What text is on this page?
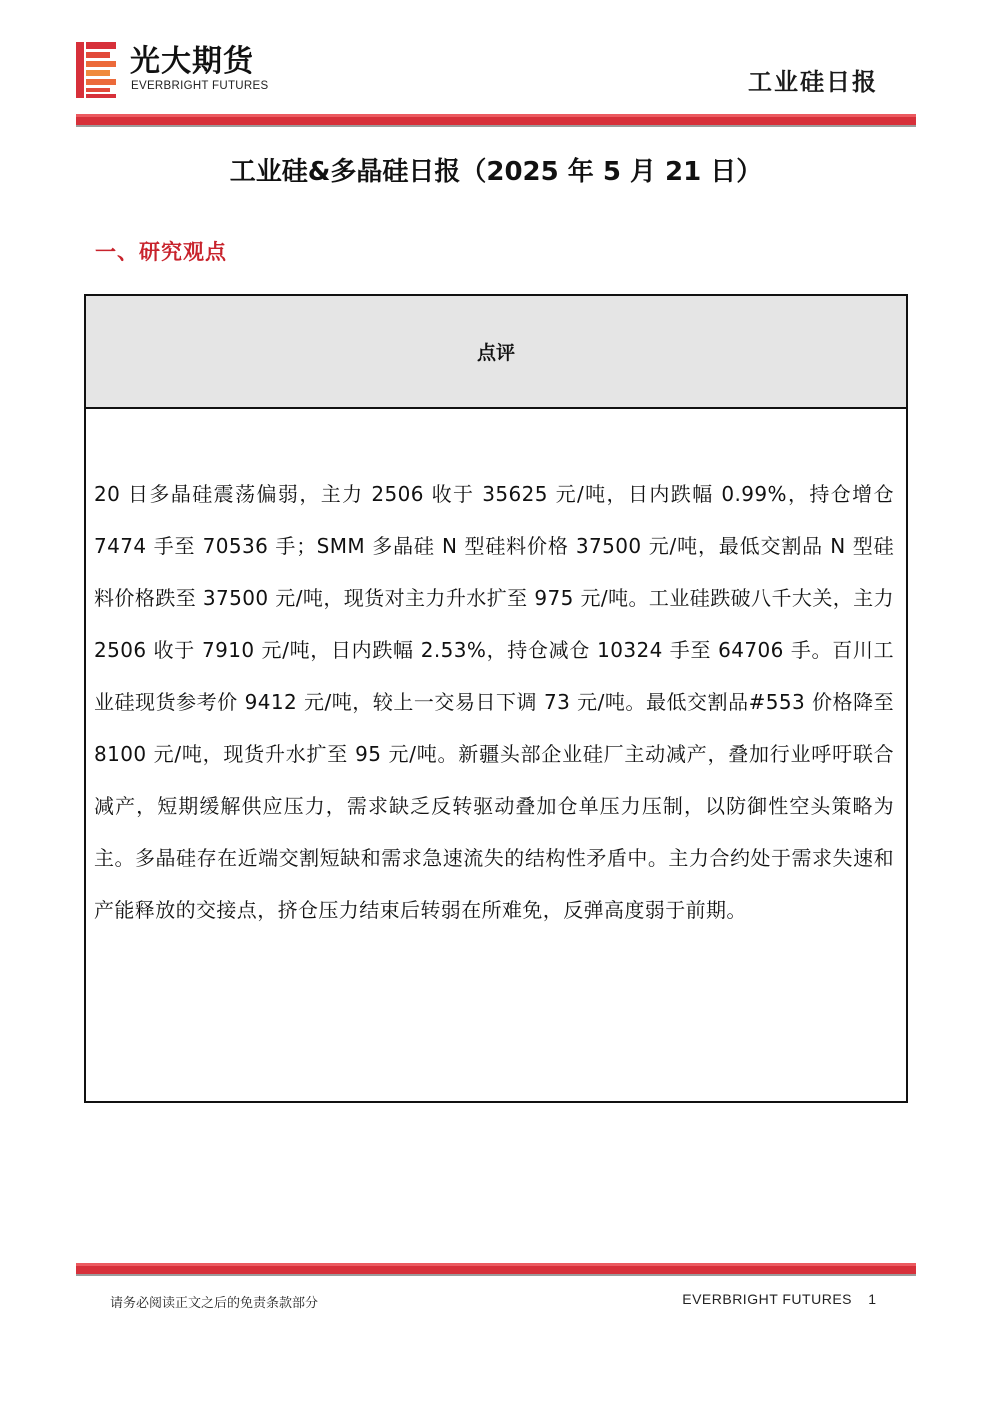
光大期货
EVERBRIGHT FUTURES	工业硅日报
工业硅&多晶硅日报（2025 年 5 月 21 日）
一、研究观点
点评
20 日多晶硅震荡偏弱，主力 2506 收于 35625 元/吨，日内跌幅 0.99%，持仓增仓 7474 手至 70536 手；SMM 多晶硅 N 型硅料价格 37500 元/吨，最低交割品 N 型硅料价格跌至 37500 元/吨，现货对主力升水扩至 975 元/吨。工业硅跌破八千大关，主力 2506 收于 7910 元/吨，日内跌幅 2.53%，持仓减仓 10324 手至 64706 手。百川工业硅现货参考价 9412 元/吨，较上一交易日下调 73 元/吨。最低交割品#553 价格降至 8100 元/吨，现货升水扩至 95 元/吨。新疆头部企业硅厂主动减产，叠加行业呼吁联合减产，短期缓解供应压力，需求缺乏反转驱动叠加仓单压力压制，以防御性空头策略为主。多晶硅存在近端交割短缺和需求急速流失的结构性矛盾中。主力合约处于需求失速和产能释放的交接点，挤仓压力结束后转弱在所难免，反弹高度弱于前期。
请务必阅读正文之后的免责条款部分	EVERBRIGHT FUTURES 1
